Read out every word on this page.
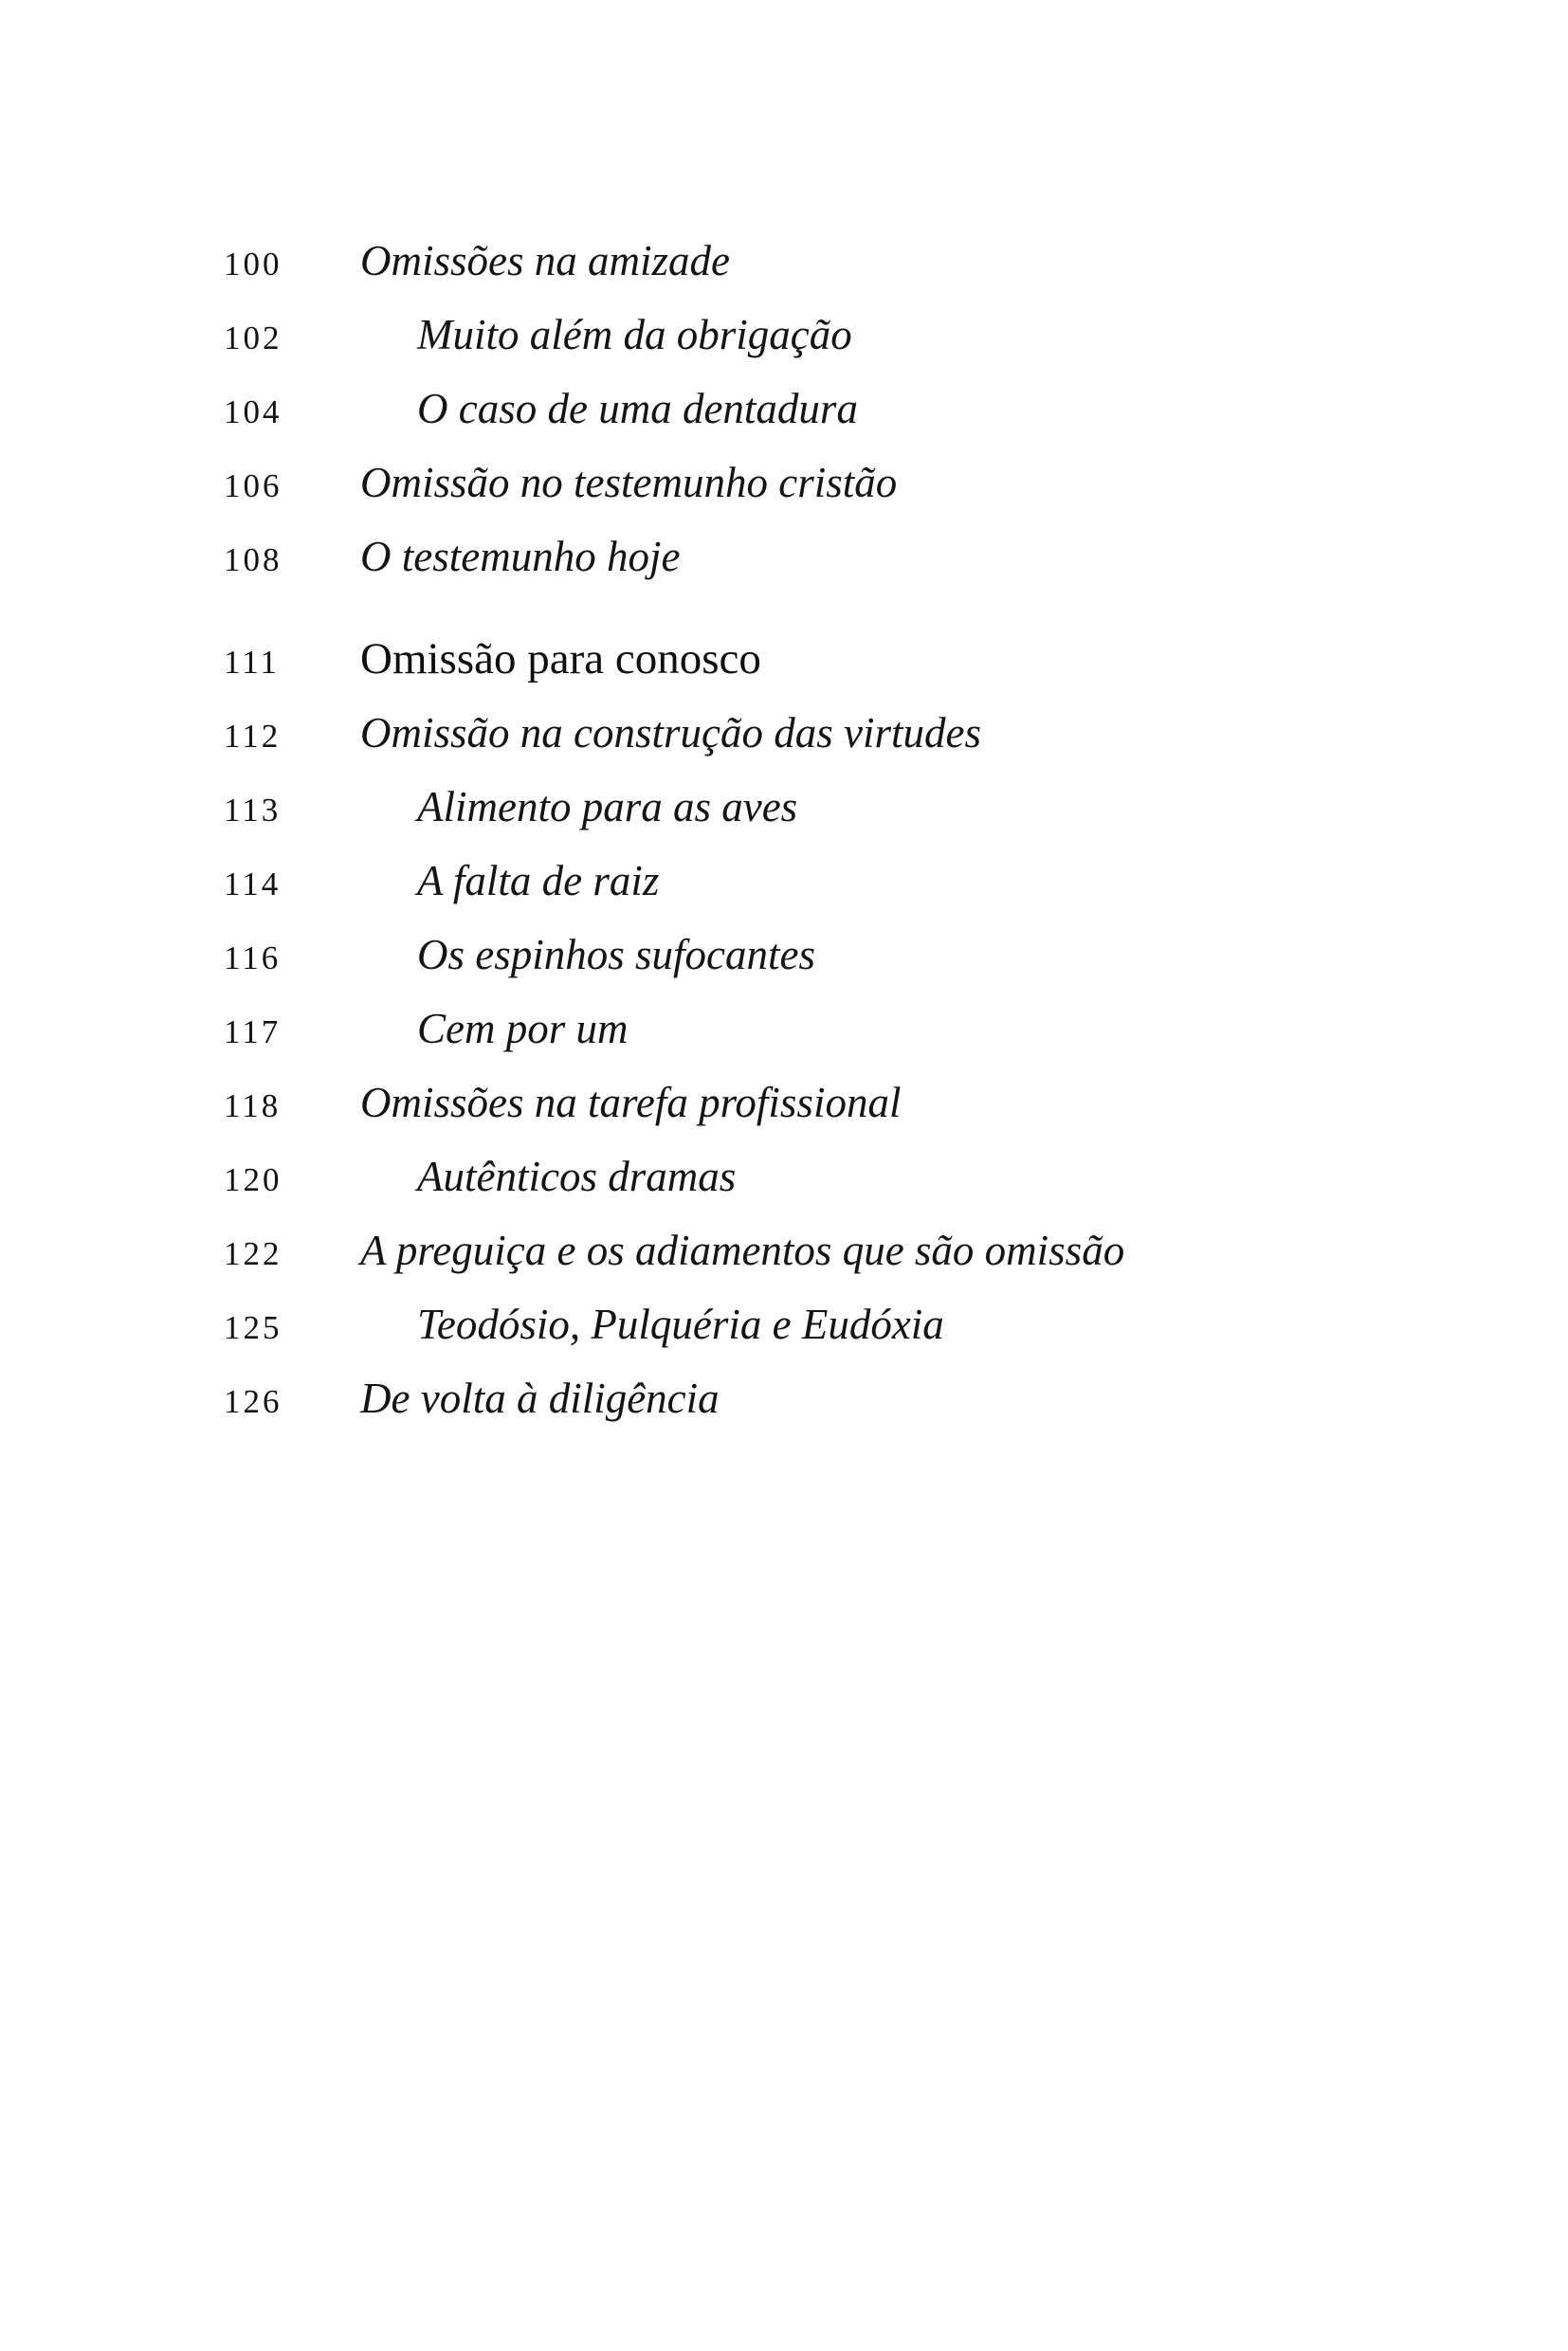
100	Omissões na amizade
102	Muito além da obrigação
104	O caso de uma dentadura
106	Omissão no testemunho cristão
108	O testemunho hoje
111	Omissão para conosco
112	Omissão na construção das virtudes
113	Alimento para as aves
114	A falta de raiz
116	Os espinhos sufocantes
117	Cem por um
118	Omissões na tarefa profissional
120	Autênticos dramas
122	A preguiça e os adiamentos que são omissão
125	Teodósio, Pulquéria e Eudóxia
126	De volta à diligência
